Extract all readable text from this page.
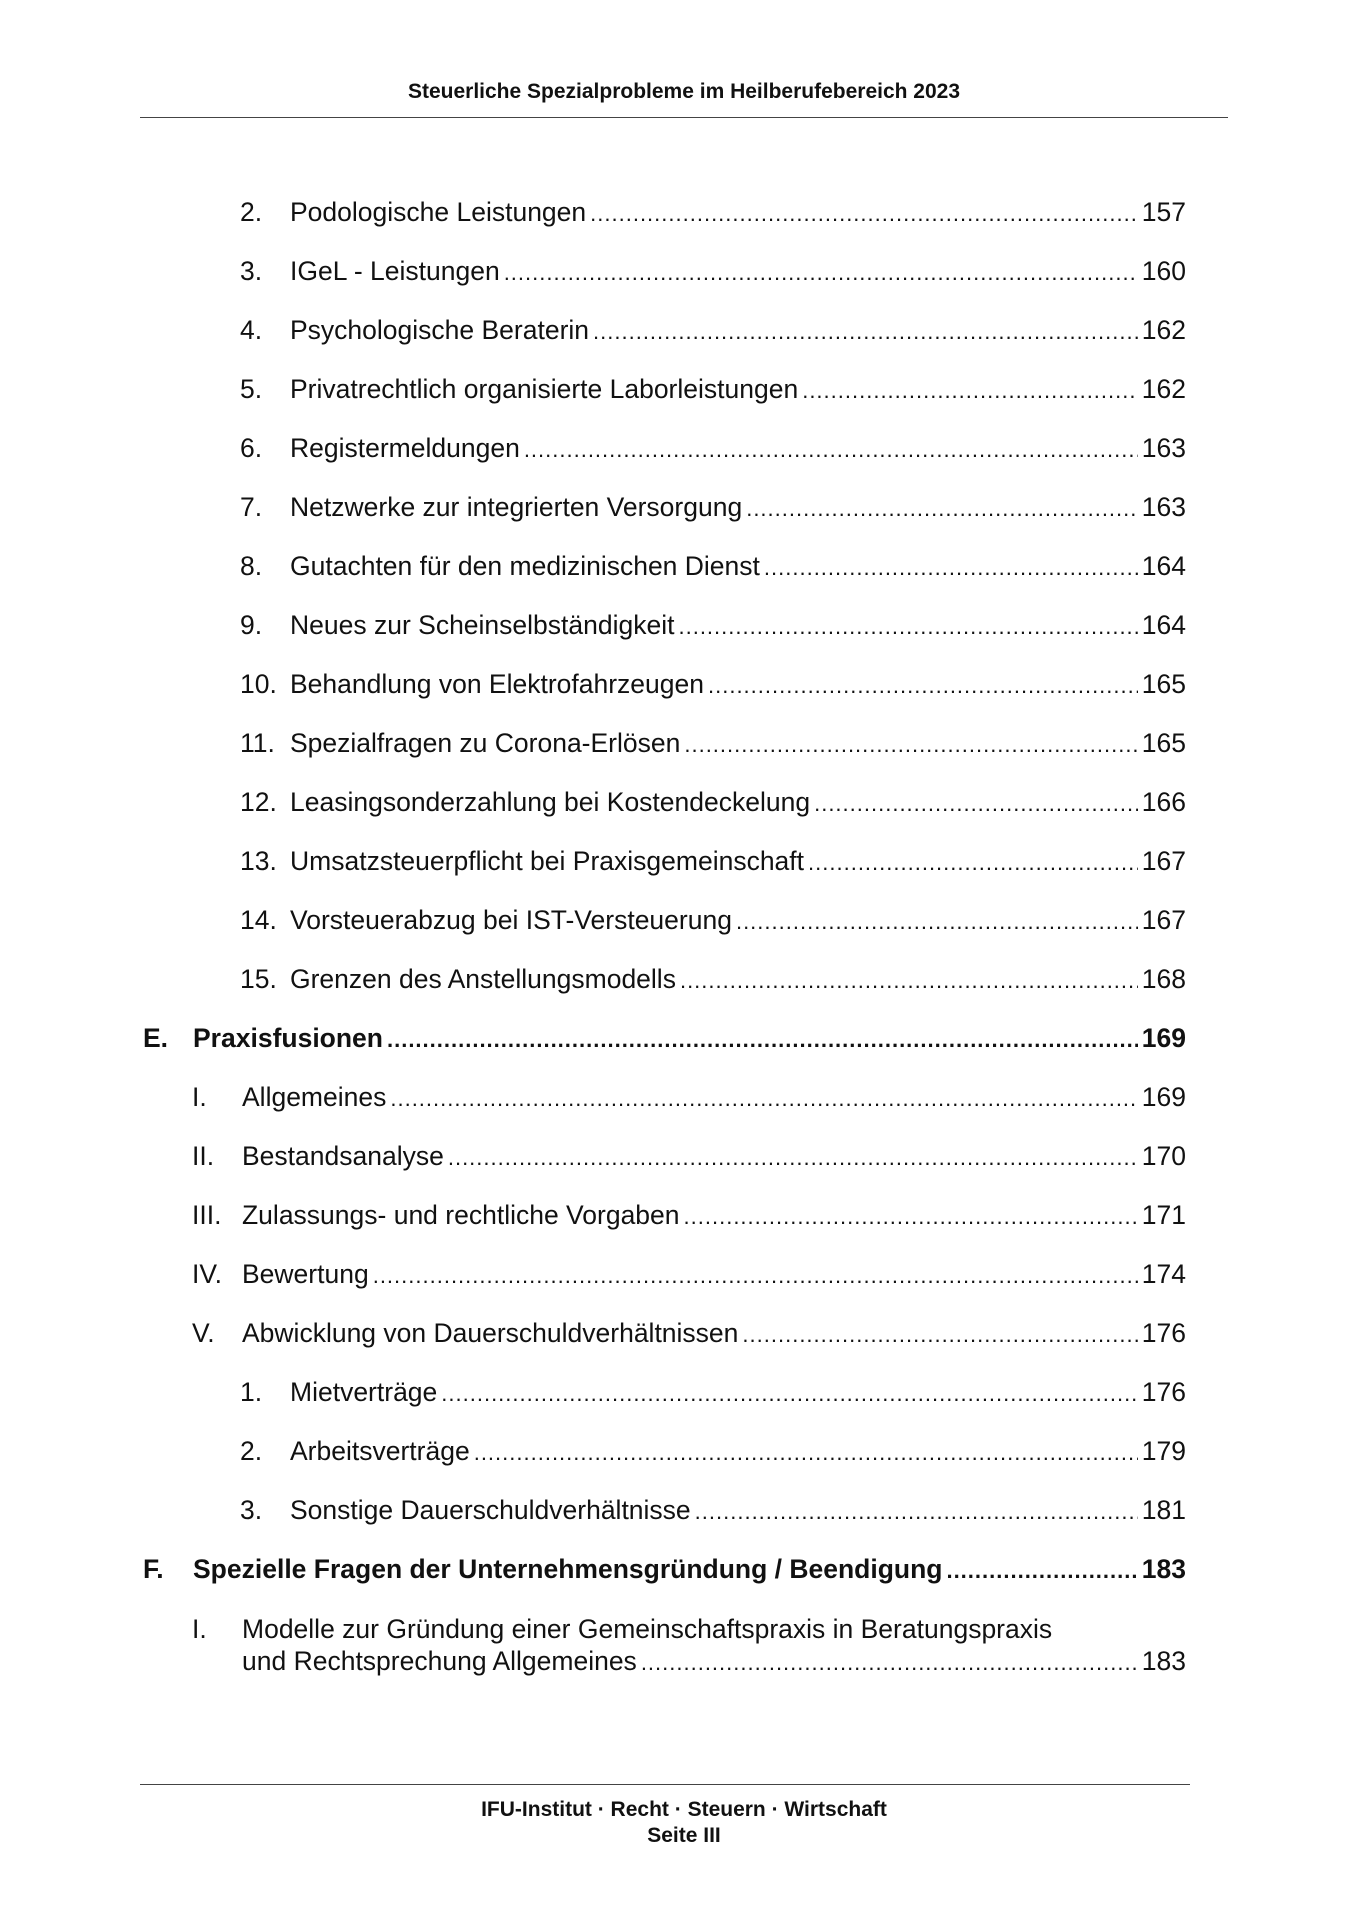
Steuerliche Spezialprobleme im Heilberufebereich 2023
2.	Podologische Leistungen .....	157
3.	IGeL - Leistungen .....	160
4.	Psychologische Beraterin .....	162
5.	Privatrechtlich organisierte Laborleistungen .....	162
6.	Registermeldungen .....	163
7.	Netzwerke zur integrierten Versorgung .....	163
8.	Gutachten für den medizinischen Dienst .....	164
9.	Neues zur Scheinselbständigkeit .....	164
10. Behandlung von Elektrofahrzeugen .....	165
11. Spezialfragen zu Corona-Erlösen .....	165
12. Leasingsonderzahlung bei Kostendeckelung .....	166
13. Umsatzsteuerpflicht bei Praxisgemeinschaft .....	167
14. Vorsteuerabzug bei IST-Versteuerung .....	167
15. Grenzen des Anstellungsmodells .....	168
E. Praxisfusionen .....	169
I.	Allgemeines .....	169
II.	Bestandsanalyse .....	170
III. Zulassungs- und rechtliche Vorgaben .....	171
IV. Bewertung .....	174
V.	Abwicklung von Dauerschuldverhältnissen .....	176
1.	Mietverträge .....	176
2.	Arbeitsverträge .....	179
3.	Sonstige Dauerschuldverhältnisse .....	181
F.	Spezielle Fragen der Unternehmensgründung / Beendigung .....	183
I.	Modelle zur Gründung einer Gemeinschaftspraxis in Beratungspraxis
und Rechtsprechung Allgemeines .....	183
IFU-Institut · Recht · Steuern · Wirtschaft
Seite III
